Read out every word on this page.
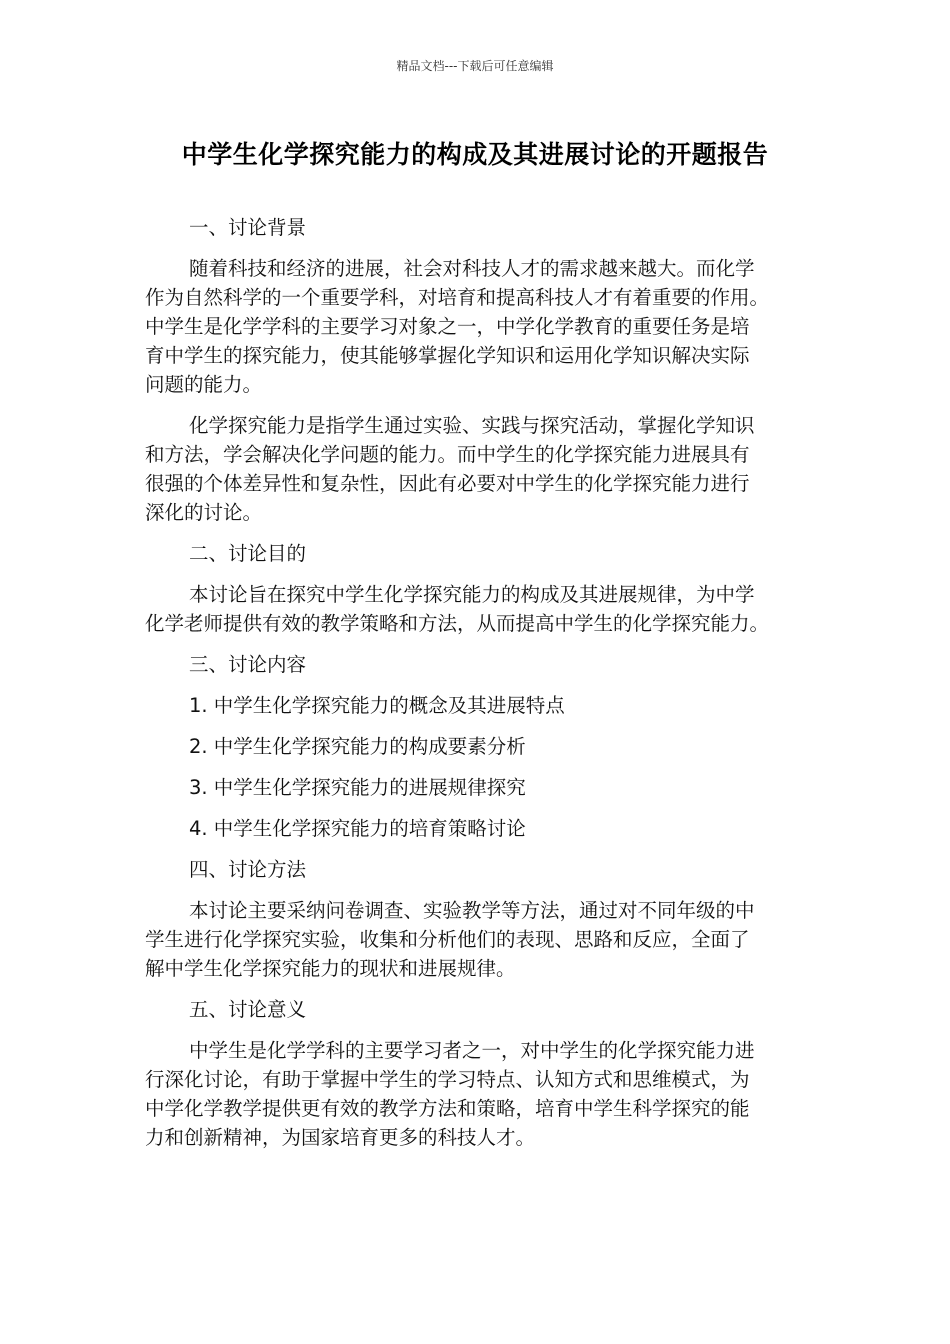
精品文档---下载后可任意编辑
中学生化学探究能力的构成及其进展讨论的开题报告
一、讨论背景
随着科技和经济的进展，社会对科技人才的需求越来越大。而化学
作为自然科学的一个重要学科，对培育和提高科技人才有着重要的作用。
中学生是化学学科的主要学习对象之一，中学化学教育的重要任务是培
育中学生的探究能力，使其能够掌握化学知识和运用化学知识解决实际
问题的能力。
化学探究能力是指学生通过实验、实践与探究活动，掌握化学知识
和方法，学会解决化学问题的能力。而中学生的化学探究能力进展具有
很强的个体差异性和复杂性，因此有必要对中学生的化学探究能力进行
深化的讨论。
二、讨论目的
本讨论旨在探究中学生化学探究能力的构成及其进展规律，为中学
化学老师提供有效的教学策略和方法，从而提高中学生的化学探究能力。
三、讨论内容
1. 中学生化学探究能力的概念及其进展特点
2. 中学生化学探究能力的构成要素分析
3. 中学生化学探究能力的进展规律探究
4. 中学生化学探究能力的培育策略讨论
四、讨论方法
本讨论主要采纳问卷调查、实验教学等方法，通过对不同年级的中
学生进行化学探究实验，收集和分析他们的表现、思路和反应，全面了
解中学生化学探究能力的现状和进展规律。
五、讨论意义
中学生是化学学科的主要学习者之一，对中学生的化学探究能力进
行深化讨论，有助于掌握中学生的学习特点、认知方式和思维模式，为
中学化学教学提供更有效的教学方法和策略，培育中学生科学探究的能
力和创新精神，为国家培育更多的科技人才。
